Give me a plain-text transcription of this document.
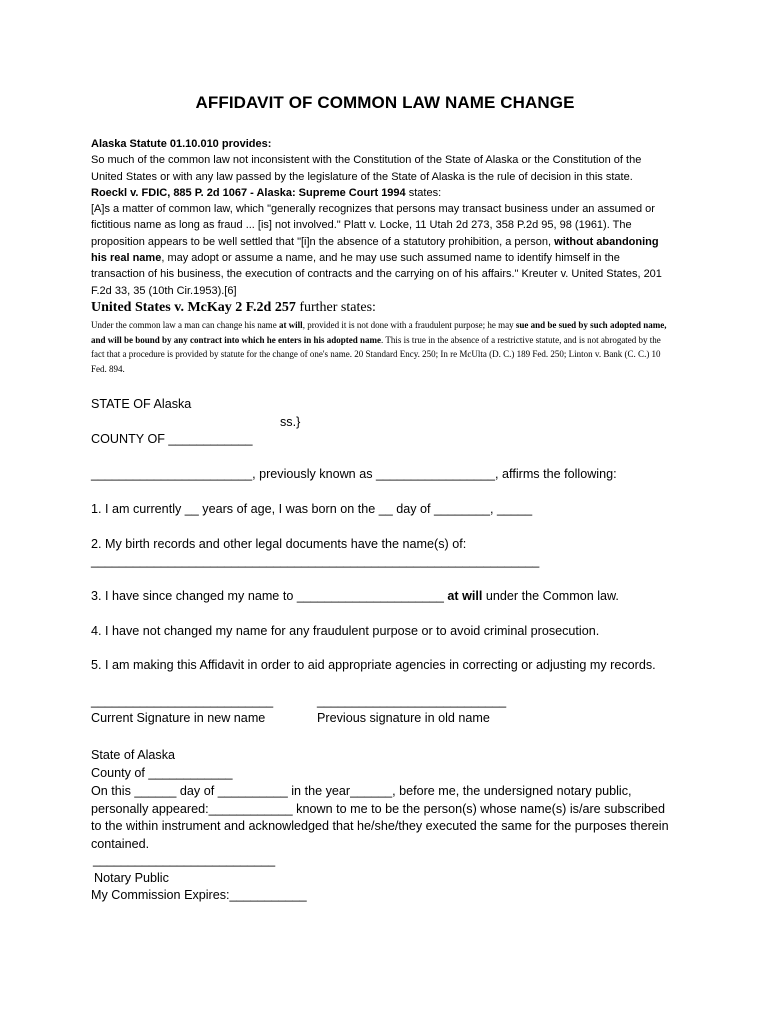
AFFIDAVIT OF COMMON LAW NAME CHANGE

Alaska Statute 01.10.010 provides:

So much of the common law not inconsistent with the Constitution of the State of Alaska or the Constitution of the United States or with any law passed by the legislature of the State of Alaska is the rule of decision in this state.

Roeckl v. FDIC, 885 P. 2d 1067 - Alaska: Supreme Court 1994 states:

[A]s a matter of common law, which "generally recognizes that persons may transact business under an assumed or fictitious name as long as fraud ... [is] not involved." Platt v. Locke, 11 Utah 2d 273, 358 P.2d 95, 98 (1961). The proposition appears to be well settled that "[i]n the absence of a statutory prohibition, a person, without abandoning his real name, may adopt or assume a name, and he may use such assumed name to identify himself in the transaction of his business, the execution of contracts and the carrying on of his affairs." Kreuter v. United States, 201 F.2d 33, 35 (10th Cir.1953).[6]

United States v. McKay 2 F.2d 257 further states:

Under the common law a man can change his name at will, provided it is not done with a fraudulent purpose; he may sue and be sued by such adopted name, and will be bound by any contract into which he enters in his adopted name. This is true in the absence of a restrictive statute, and is not abrogated by the fact that a procedure is provided by statute for the change of one's name. 20 Standard Ency. 250; In re McUlta (D. C.) 189 Fed. 250; Linton v. Bank (C. C.) 10 Fed. 894.

STATE OF Alaska
ss.}
COUNTY OF ____________
_______________________, previously known as _________________, affirms the following:
1. I am currently __ years of age, I was born on the __ day of ________, _____
2. My birth records and other legal documents have the name(s) of:
________________________________________________________________
3. I have since changed my name to _____________________ at will under the Common law.
4. I have not changed my name for any fraudulent purpose or to avoid criminal prosecution.
5. I am making this Affidavit in order to aid appropriate agencies in correcting or adjusting my records.
__________________________	___________________________
Current Signature in new name	Previous signature in old name
State of Alaska
County of ____________
On this ______ day of __________ in the year______, before me, the undersigned notary public, personally appeared:____________ known to me to be the person(s) whose name(s) is/are subscribed to the within instrument and acknowledged that he/she/they executed the same for the purposes therein contained.
__________________________
Notary Public
My Commission Expires:___________
